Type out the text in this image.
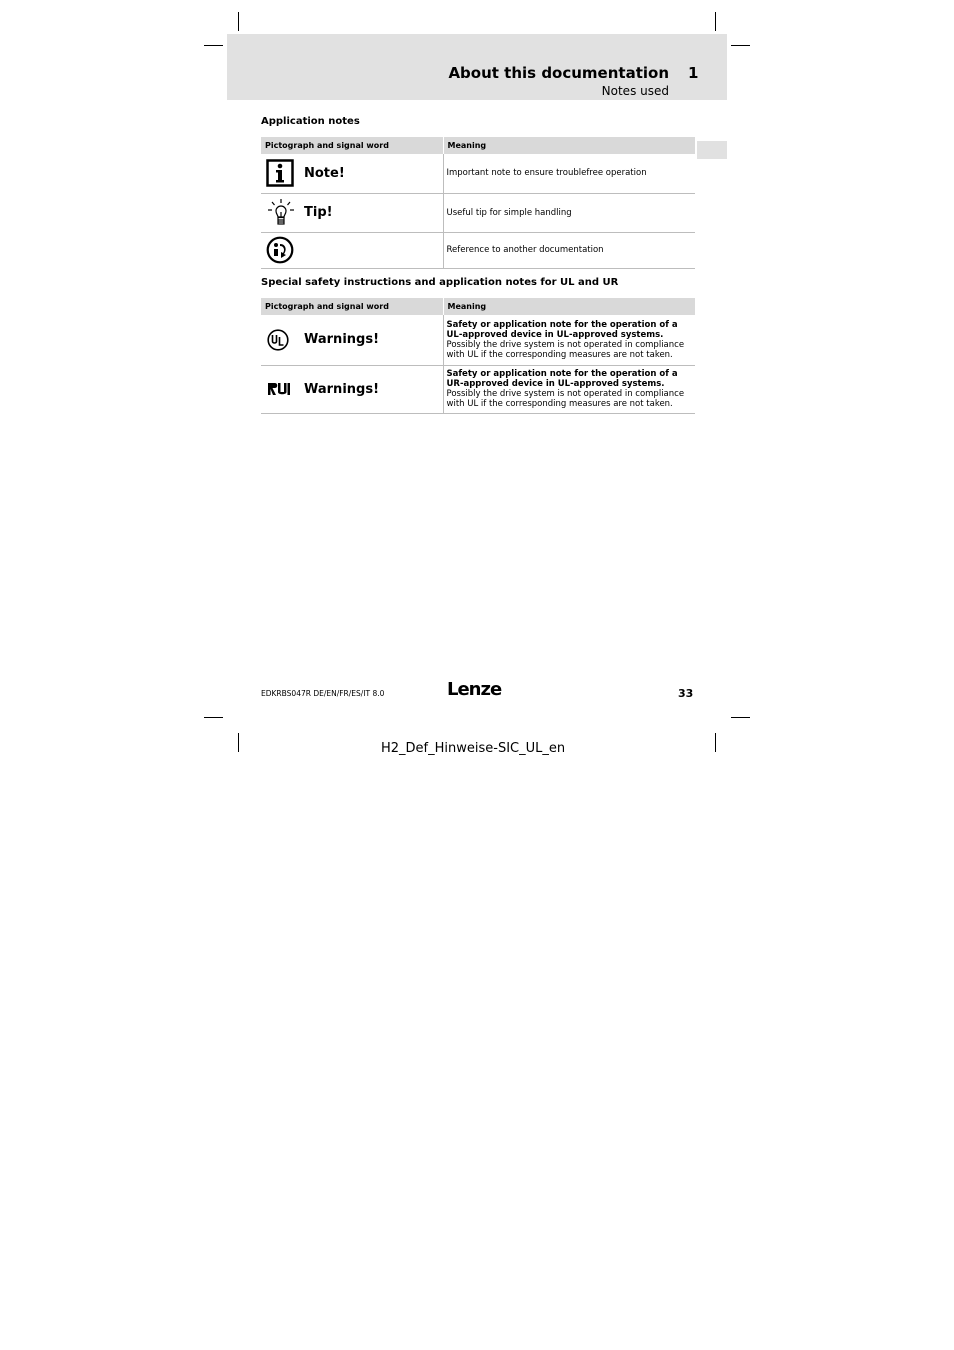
About this documentation 1
Notes used
Application notes
Pictograph and signal word	Meaning

Note!	Important note to ensure troublefree operation

Tip!	Useful tip for simple handling

	Reference to another documentation
Special safety instructions and application notes for UL and UR
Pictograph and signal word	Meaning

Warnings!	Safety or application note for the operation of a UL-approved device in UL-approved systems.
Possibly the drive system is not operated in compliance with UL if the corresponding measures are not taken.

Warnings!	Safety or application note for the operation of a UR-approved device in UL-approved systems.
Possibly the drive system is not operated in compliance with UL if the corresponding measures are not taken.
EDKRBS047R DE/EN/FR/ES/IT 8.0	Lenze	33
H2_Def_Hinweise-SIC_UL_en
